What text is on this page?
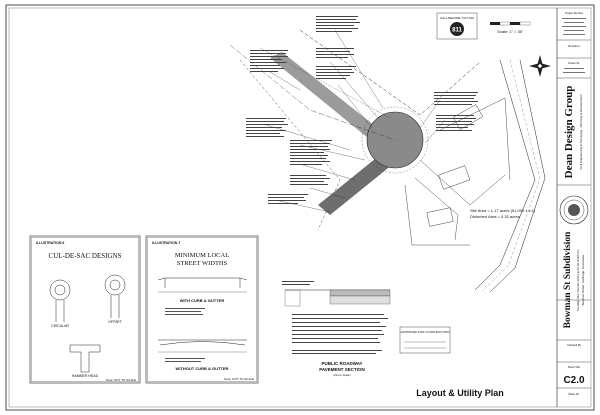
CALL BEFORE YOU DIG
811	Scale: 1" = 30'
Site Area = 1.17 acres (51,000 ± s.f.)
Disturbed Area = 0.32 acres
ILLUSTRATION 6
CUL-DE-SAC DESIGNS
CIRCULAR
OFFSET
HAMMER HEAD
Note: NOT TO SCALE
ILLUSTRATION 7
MINIMUM LOCAL
STREET WIDTHS
WITH CURB & GUTTER
WITHOUT CURB & GUTTER
Note: NOT TO SCALE
PUBLIC ROADWAY
PAVEMENT SECTION
(Not to Scale)
APPROVED FOR CONSTRUCTION
Layout & Utility Plan
Project Number
Revisions
Drawn By
Dean Design Group Civil Engineering & Surveying · Planning & Development
Bowman St Subdivision Tax Map 042, Parcels 10.01 & 10.02 Smith Co. Bowman Street, Carthage, Tennessee
Checked By
Sheet Title
C2.0
Sheet No.
